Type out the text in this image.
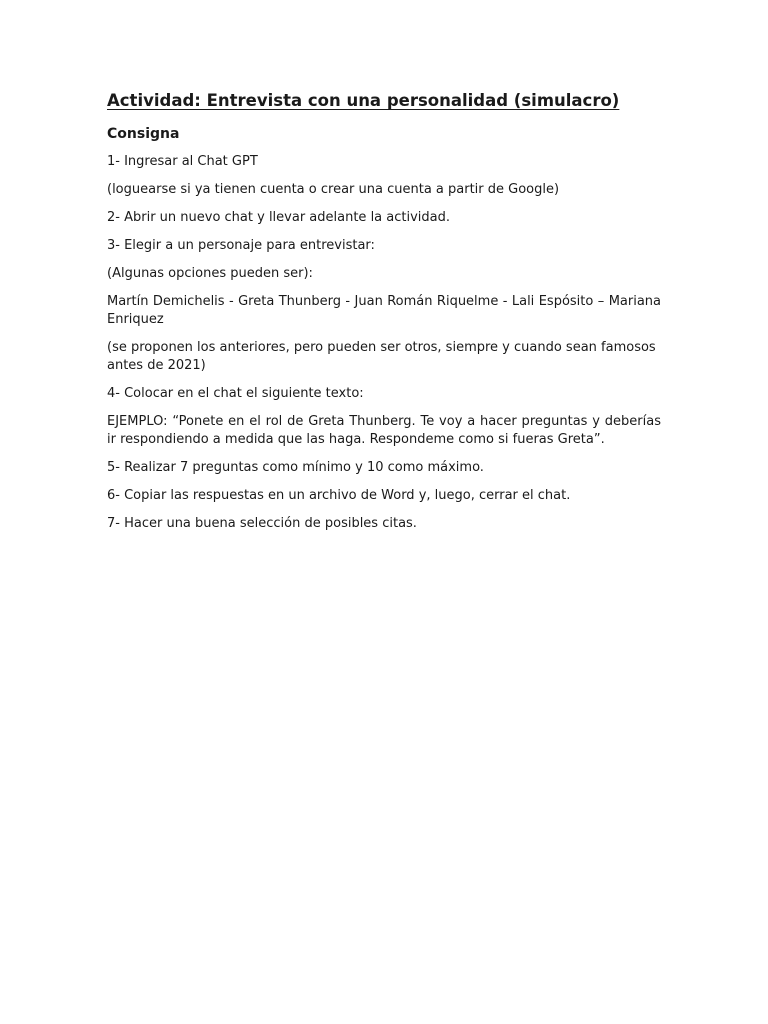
Actividad: Entrevista con una personalidad (simulacro)
Consigna

1- Ingresar al Chat GPT

(loguearse si ya tienen cuenta o crear una cuenta a partir de Google)

2- Abrir un nuevo chat y llevar adelante la actividad.

3- Elegir a un personaje para entrevistar:

(Algunas opciones pueden ser):

Martín Demichelis - Greta Thunberg - Juan Román Riquelme - Lali Espósito – Mariana Enriquez

(se proponen los anteriores, pero pueden ser otros, siempre y cuando sean famosos antes de 2021)

4- Colocar en el chat el siguiente texto:

EJEMPLO: “Ponete en el rol de Greta Thunberg. Te voy a hacer preguntas y deberías ir respondiendo a medida que las haga. Respondeme como si fueras Greta”.

5- Realizar 7 preguntas como mínimo y 10 como máximo.

6- Copiar las respuestas en un archivo de Word y, luego, cerrar el chat.

7- Hacer una buena selección de posibles citas.
